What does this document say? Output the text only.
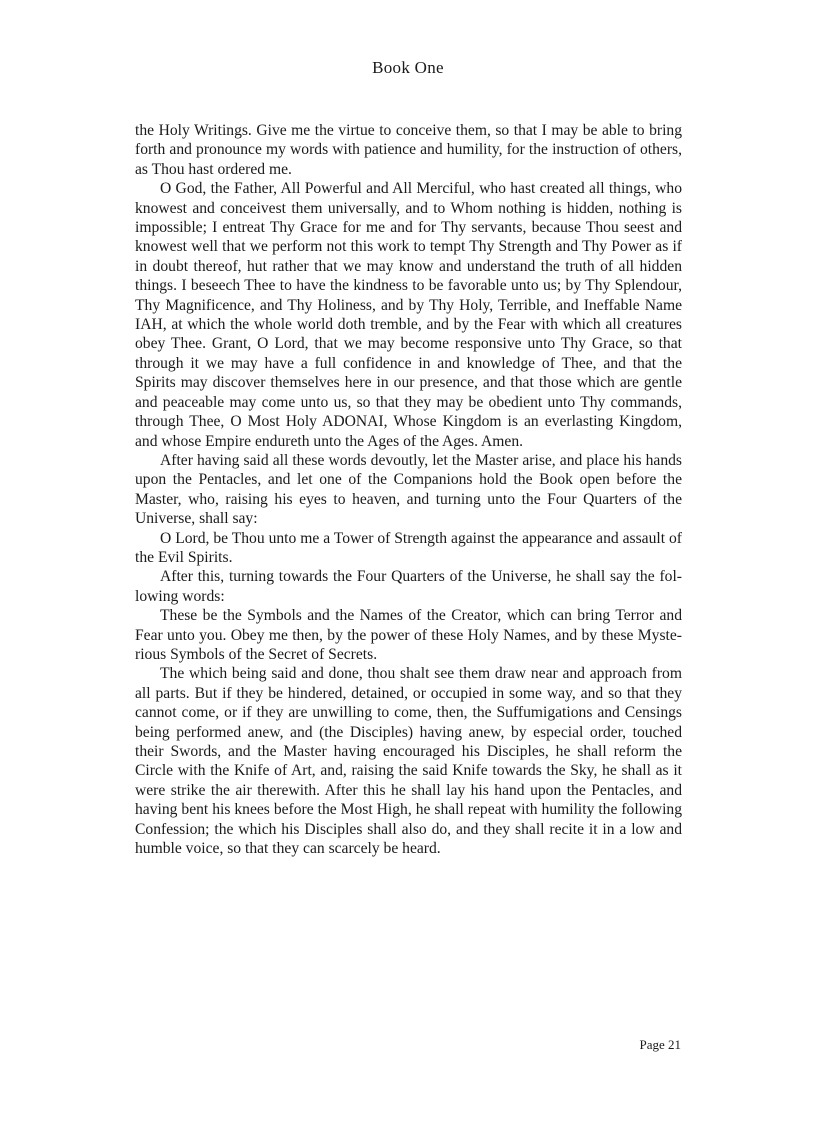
Book One

the Holy Writings. Give me the virtue to conceive them, so that I may be able to bring forth and pronounce my words with patience and humility, for the instruction of others, as Thou hast ordered me.

O God, the Father, All Powerful and All Merciful, who hast created all things, who knowest and conceivest them universally, and to Whom nothing is hidden, nothing is impossible; I entreat Thy Grace for me and for Thy servants, because Thou seest and knowest well that we perform not this work to tempt Thy Strength and Thy Power as if in doubt thereof, hut rather that we may know and understand the truth of all hidden things. I beseech Thee to have the kindness to be favorable unto us; by Thy Splendour, Thy Magnificence, and Thy Holiness, and by Thy Holy, Terrible, and Ineffable Name IAH, at which the whole world doth tremble, and by the Fear with which all creatures obey Thee. Grant, O Lord, that we may become responsive unto Thy Grace, so that through it we may have a full confidence in and knowledge of Thee, and that the Spirits may discover themselves here in our presence, and that those which are gentle and peaceable may come unto us, so that they may be obedient unto Thy commands, through Thee, O Most Holy ADONAI, Whose Kingdom is an everlasting Kingdom, and whose Empire endureth unto the Ages of the Ages. Amen.

After having said all these words devoutly, let the Master arise, and place his hands upon the Pentacles, and let one of the Companions hold the Book open before the Master, who, raising his eyes to heaven, and turning unto the Four Quarters of the Universe, shall say:

O Lord, be Thou unto me a Tower of Strength against the appearance and assault of the Evil Spirits.

After this, turning towards the Four Quarters of the Universe, he shall say the following words:

These be the Symbols and the Names of the Creator, which can bring Terror and Fear unto you. Obey me then, by the power of these Holy Names, and by these Mysterious Symbols of the Secret of Secrets.

The which being said and done, thou shalt see them draw near and approach from all parts. But if they be hindered, detained, or occupied in some way, and so that they cannot come, or if they are unwilling to come, then, the Suffumigations and Censings being performed anew, and (the Disciples) having anew, by especial order, touched their Swords, and the Master having encouraged his Disciples, he shall reform the Circle with the Knife of Art, and, raising the said Knife towards the Sky, he shall as it were strike the air therewith. After this he shall lay his hand upon the Pentacles, and having bent his knees before the Most High, he shall repeat with humility the following Confession; the which his Disciples shall also do, and they shall recite it in a low and humble voice, so that they can scarcely be heard.

Page 21
